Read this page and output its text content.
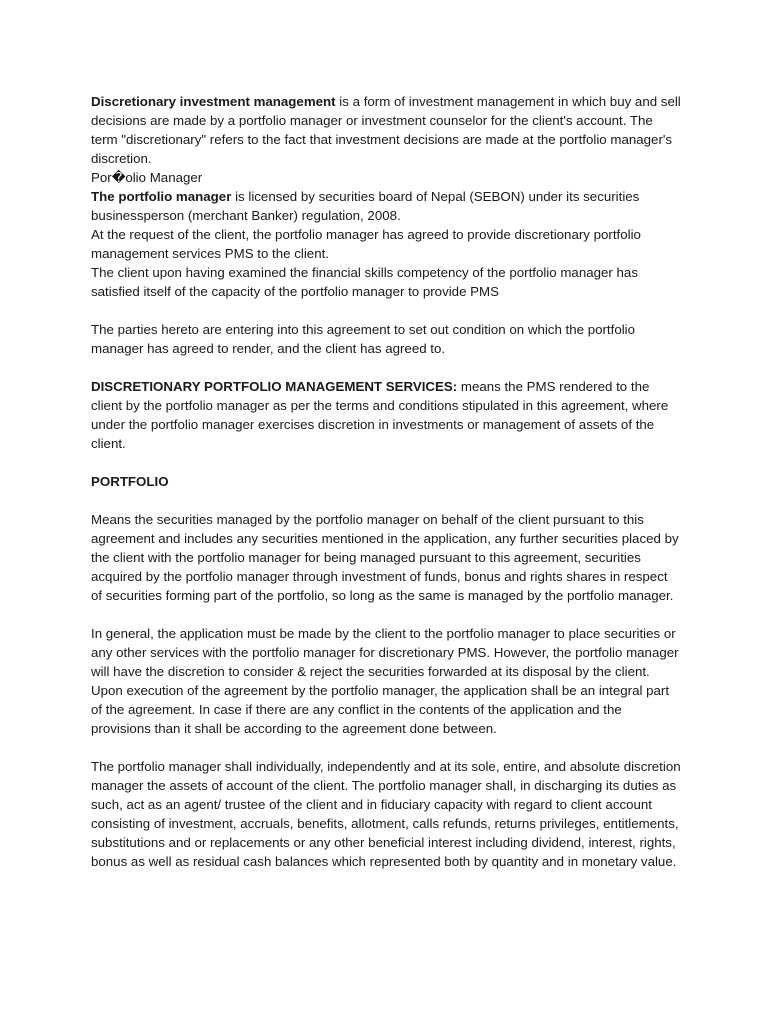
Discretionary investment management is a form of investment management in which buy and sell decisions are made by a portfolio manager or investment counselor for the client's account. The term "discretionary" refers to the fact that investment decisions are made at the portfolio manager's discretion.

Por�olio Manager

The portfolio manager is licensed by securities board of Nepal (SEBON) under its securities businessperson (merchant Banker) regulation, 2008.

At the request of the client, the portfolio manager has agreed to provide discretionary portfolio management services PMS to the client.

The client upon having examined the financial skills competency of the portfolio manager has satisfied itself of the capacity of the portfolio manager to provide PMS

The parties hereto are entering into this agreement to set out condition on which the portfolio manager has agreed to render, and the client has agreed to.

DISCRETIONARY PORTFOLIO MANAGEMENT SERVICES: means the PMS rendered to the client by the portfolio manager as per the terms and conditions stipulated in this agreement, where under the portfolio manager exercises discretion in investments or management of assets of the client.

PORTFOLIO

Means the securities managed by the portfolio manager on behalf of the client pursuant to this agreement and includes any securities mentioned in the application, any further securities placed by the client with the portfolio manager for being managed pursuant to this agreement, securities acquired by the portfolio manager through investment of funds, bonus and rights shares in respect of securities forming part of the portfolio, so long as the same is managed by the portfolio manager.

In general, the application must be made by the client to the portfolio manager to place securities or any other services with the portfolio manager for discretionary PMS. However, the portfolio manager will have the discretion to consider & reject the securities forwarded at its disposal by the client. Upon execution of the agreement by the portfolio manager, the application shall be an integral part of the agreement. In case if there are any conflict in the contents of the application and the provisions than it shall be according to the agreement done between.

The portfolio manager shall individually, independently and at its sole, entire, and absolute discretion manager the assets of account of the client. The portfolio manager shall, in discharging its duties as such, act as an agent/ trustee of the client and in fiduciary capacity with regard to client account consisting of investment, accruals, benefits, allotment, calls refunds, returns privileges, entitlements, substitutions and or replacements or any other beneficial interest including dividend, interest, rights, bonus as well as residual cash balances which represented both by quantity and in monetary value.
